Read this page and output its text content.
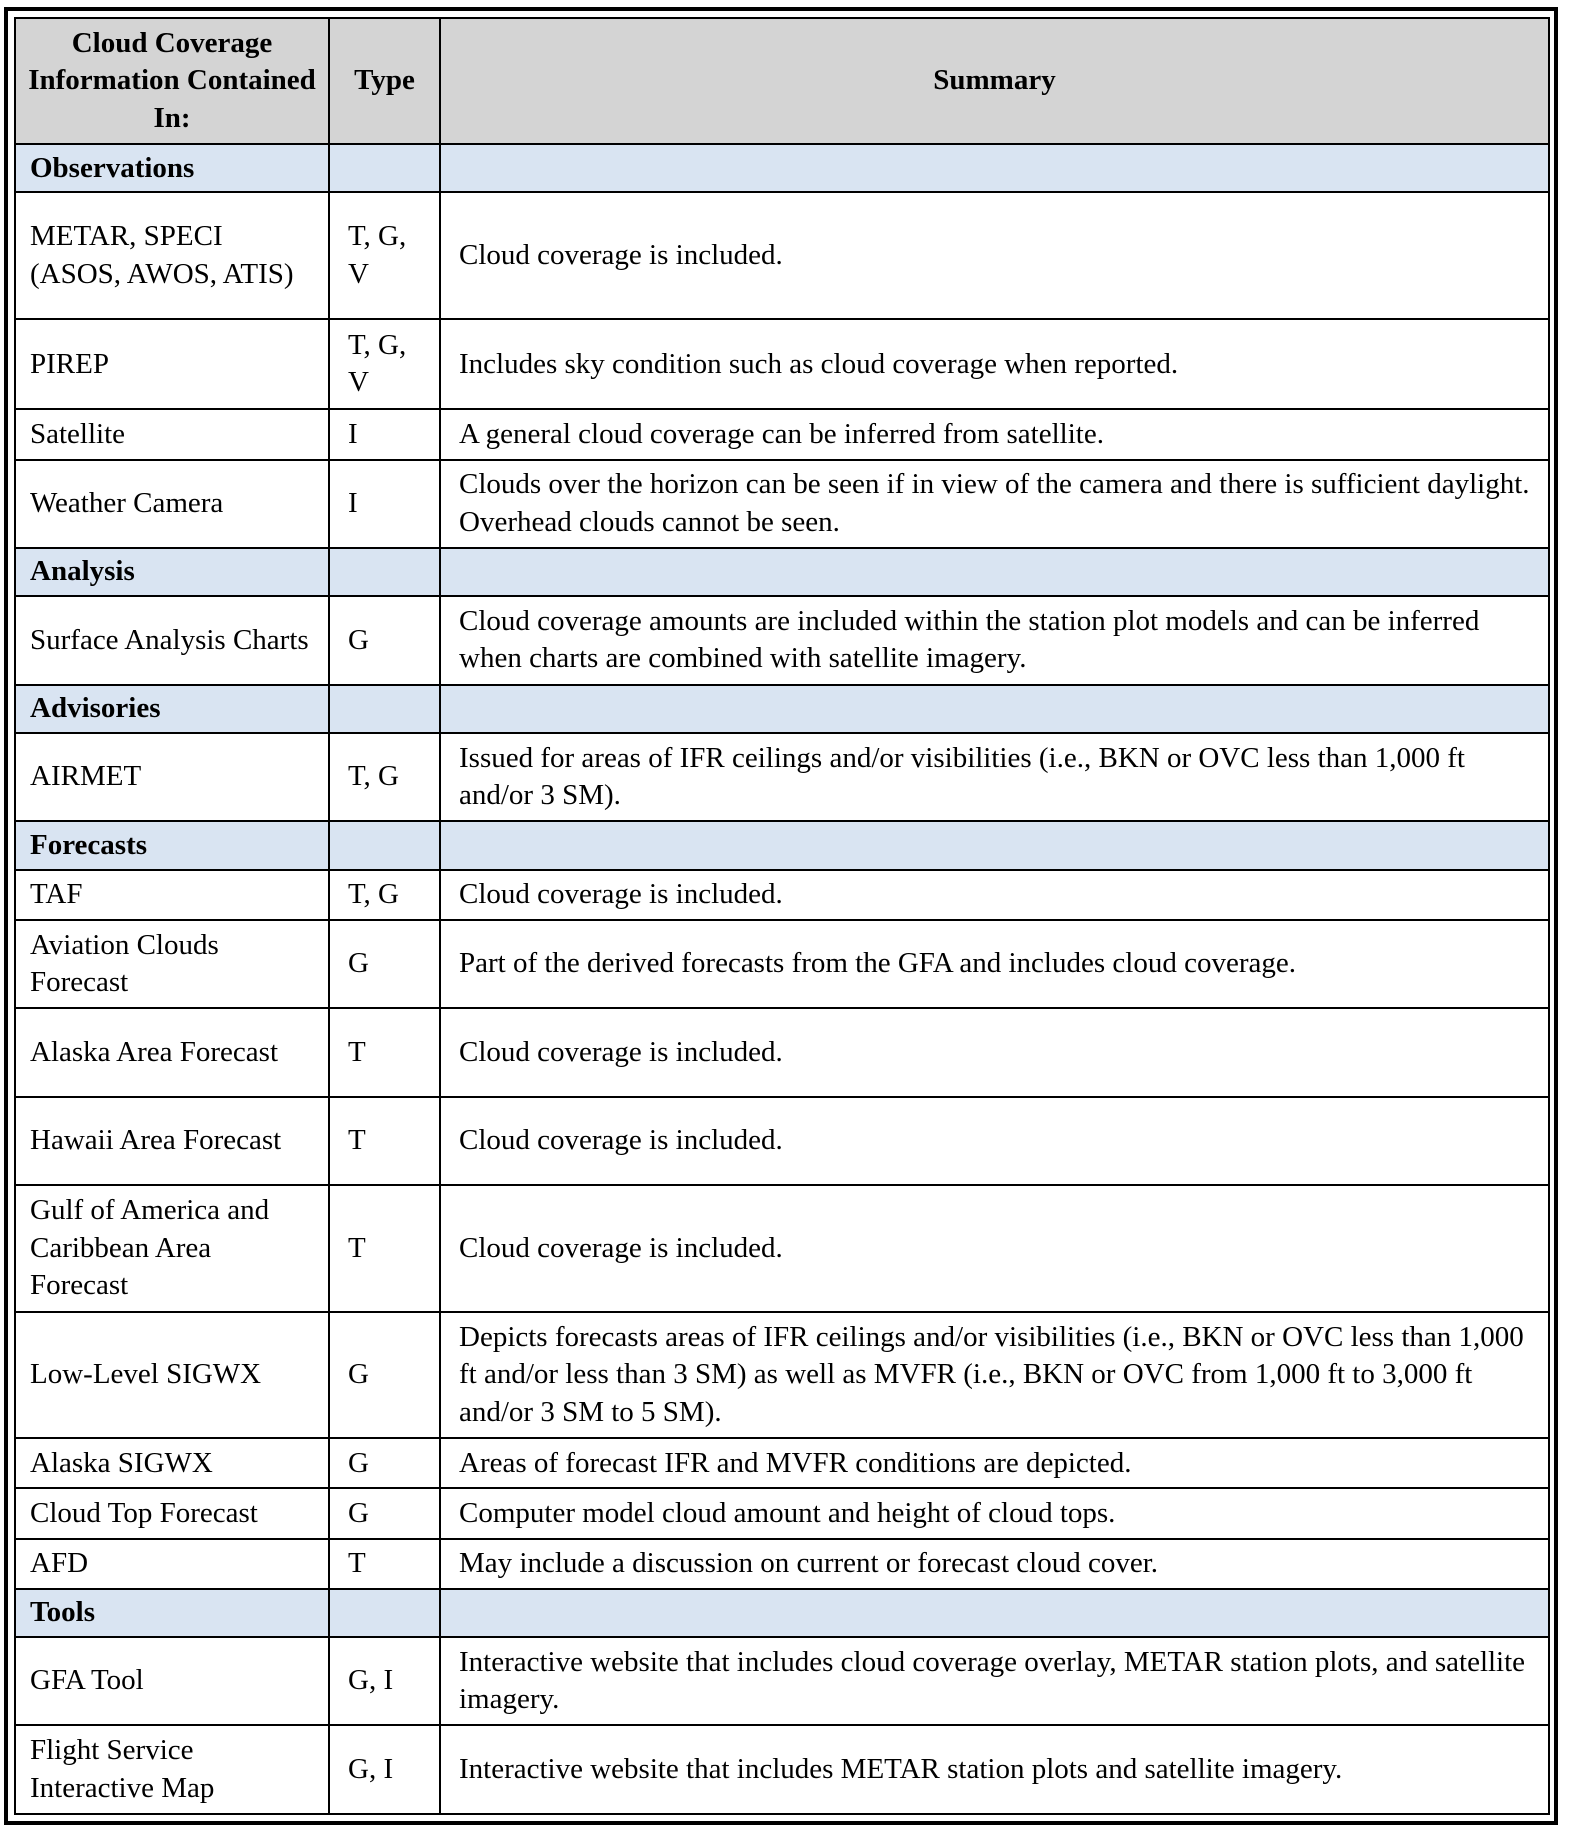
Cloud Coverage Information Contained In:	Type	Summary
Observations		
METAR, SPECI (ASOS, AWOS, ATIS)	T, G, V	Cloud coverage is included.
PIREP	T, G, V	Includes sky condition such as cloud coverage when reported.
Satellite	I	A general cloud coverage can be inferred from satellite.
Weather Camera	I	Clouds over the horizon can be seen if in view of the camera and there is sufficient daylight. Overhead clouds cannot be seen.
Analysis		
Surface Analysis Charts	G	Cloud coverage amounts are included within the station plot models and can be inferred when charts are combined with satellite imagery.
Advisories		
AIRMET	T, G	Issued for areas of IFR ceilings and/or visibilities (i.e., BKN or OVC less than 1,000 ft and/or 3 SM).
Forecasts		
TAF	T, G	Cloud coverage is included.
Aviation Clouds Forecast	G	Part of the derived forecasts from the GFA and includes cloud coverage.
Alaska Area Forecast	T	Cloud coverage is included.
Hawaii Area Forecast	T	Cloud coverage is included.
Gulf of America and Caribbean Area Forecast	T	Cloud coverage is included.
Low-Level SIGWX	G	Depicts forecasts areas of IFR ceilings and/or visibilities (i.e., BKN or OVC less than 1,000 ft and/or less than 3 SM) as well as MVFR (i.e., BKN or OVC from 1,000 ft to 3,000 ft and/or 3 SM to 5 SM).
Alaska SIGWX	G	Areas of forecast IFR and MVFR conditions are depicted.
Cloud Top Forecast	G	Computer model cloud amount and height of cloud tops.
AFD	T	May include a discussion on current or forecast cloud cover.
Tools		
GFA Tool	G, I	Interactive website that includes cloud coverage overlay, METAR station plots, and satellite imagery.
Flight Service Interactive Map	G, I	Interactive website that includes METAR station plots and satellite imagery.
